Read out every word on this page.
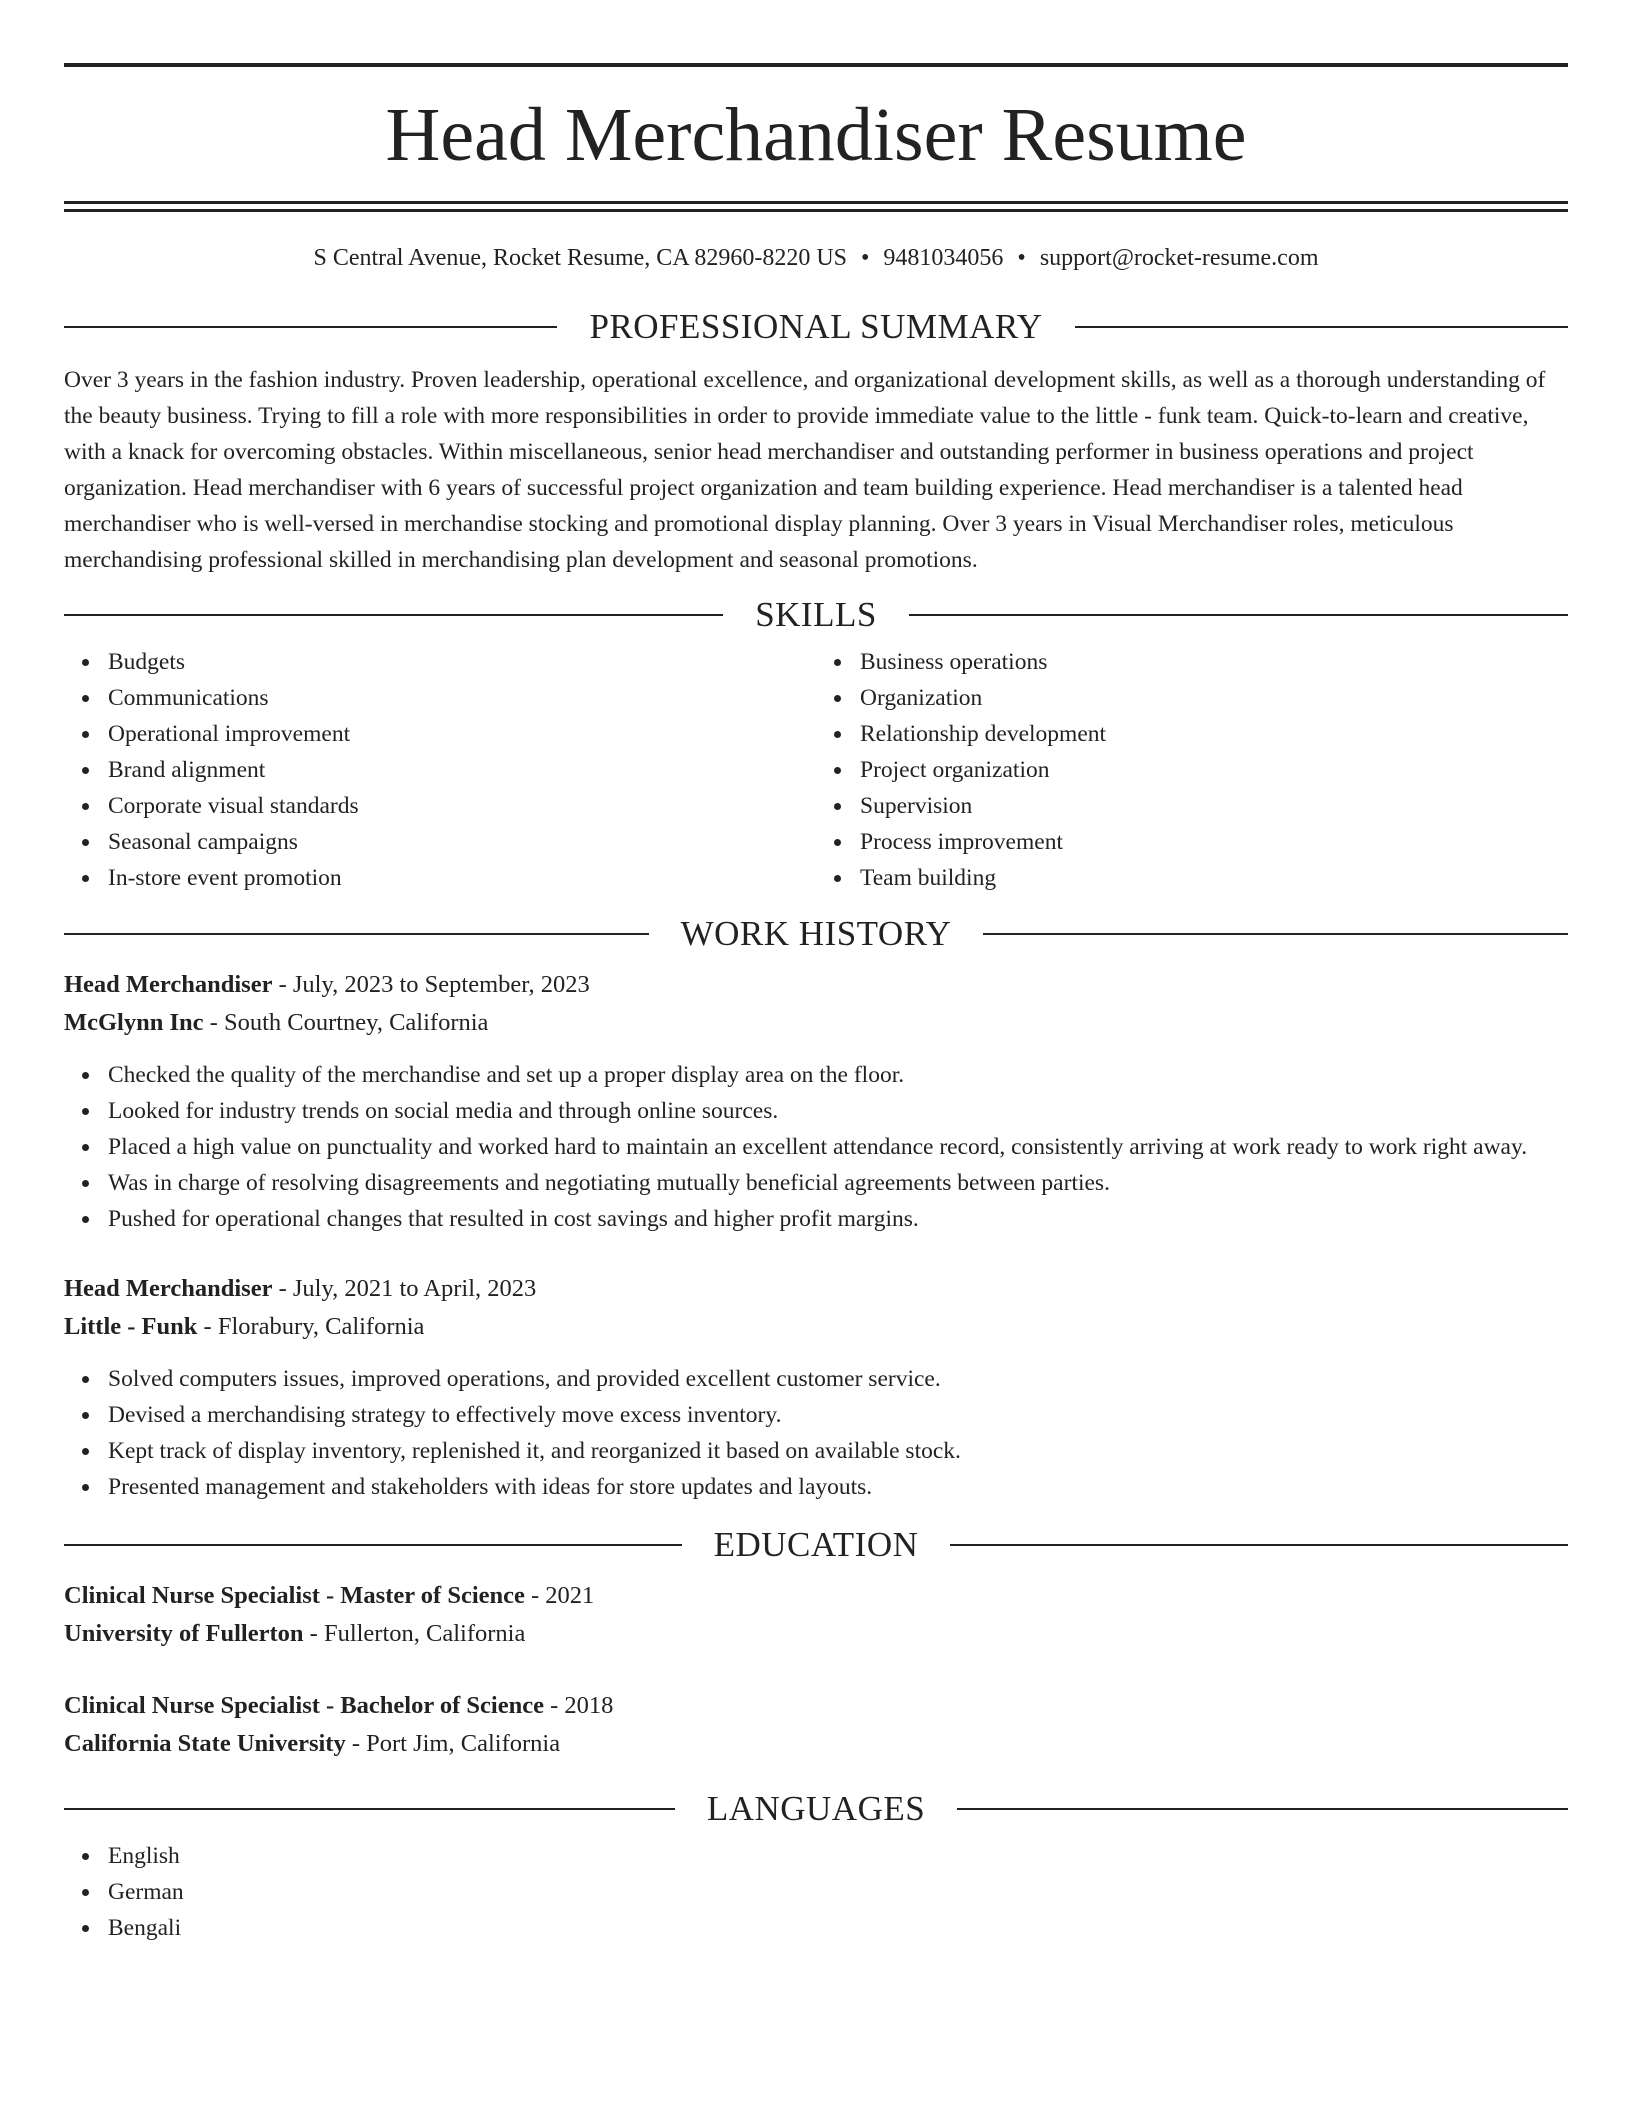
Head Merchandiser Resume
S Central Avenue, Rocket Resume, CA 82960-8220 US • 9481034056 • support@rocket-resume.com
PROFESSIONAL SUMMARY

Over 3 years in the fashion industry. Proven leadership, operational excellence, and organizational development skills, as well as a thorough understanding of the beauty business. Trying to fill a role with more responsibilities in order to provide immediate value to the little - funk team. Quick-to-learn and creative, with a knack for overcoming obstacles. Within miscellaneous, senior head merchandiser and outstanding performer in business operations and project organization. Head merchandiser with 6 years of successful project organization and team building experience. Head merchandiser is a talented head merchandiser who is well-versed in merchandise stocking and promotional display planning. Over 3 years in Visual Merchandiser roles, meticulous merchandising professional skilled in merchandising plan development and seasonal promotions.

SKILLS
Budgets
Communications
Operational improvement
Brand alignment
Corporate visual standards
Seasonal campaigns
In-store event promotion
Business operations
Organization
Relationship development
Project organization
Supervision
Process improvement
Team building
WORK HISTORY
Head Merchandiser - July, 2023 to September, 2023
McGlynn Inc - South Courtney, California
Checked the quality of the merchandise and set up a proper display area on the floor.
Looked for industry trends on social media and through online sources.
Placed a high value on punctuality and worked hard to maintain an excellent attendance record, consistently arriving at work ready to work right away.
Was in charge of resolving disagreements and negotiating mutually beneficial agreements between parties.
Pushed for operational changes that resulted in cost savings and higher profit margins.
Head Merchandiser - July, 2021 to April, 2023
Little - Funk - Florabury, California
Solved computers issues, improved operations, and provided excellent customer service.
Devised a merchandising strategy to effectively move excess inventory.
Kept track of display inventory, replenished it, and reorganized it based on available stock.
Presented management and stakeholders with ideas for store updates and layouts.
EDUCATION
Clinical Nurse Specialist - Master of Science - 2021
University of Fullerton - Fullerton, California
Clinical Nurse Specialist - Bachelor of Science - 2018
California State University - Port Jim, California
LANGUAGES
English
German
Bengali
